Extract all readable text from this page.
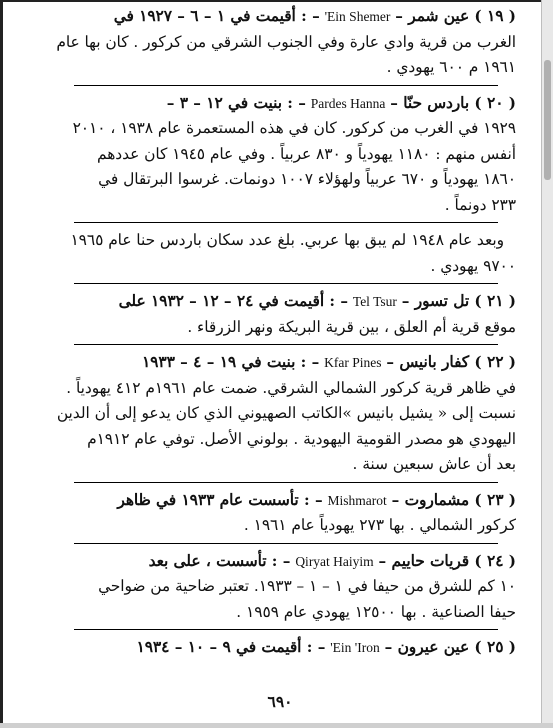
( ١٩ ) عين شمر – 'Ein Shemer – : أقيمت في ١ – ٦ – ١٩٢٧ في
الغرب من قرية وادي عارة وفي الجنوب الشرقي من كركور . كان بها عام
١٩٦١ م ٦٠٠ يهودي .
( ٢٠ ) باردس حنّا – Pardes Hanna – : بنيت في ١٢ – ٣ –
١٩٢٩ في الغرب من كركور. كان في هذه المستعمرة عام ١٩٣٨ ، ٢٠١٠
أنفس منهم : ١١٨٠ يهودياً و ٨٣٠ عربياً . وفي عام ١٩٤٥ كان عددهم
١٨٦٠ يهودياً و ٦٧٠ عربياً ولهؤلاء ١٠٠٧ دونمات. غرسوا البرتقال في
٢٣٣ دونماً .
وبعد عام ١٩٤٨ لم يبق بها عربي. بلغ عدد سكان باردس حنا عام ١٩٦٥
٩٧٠٠ يهودي .
( ٢١ ) تل تسور – Tel Tsur – : أقيمت في ٢٤ – ١٢ – ١٩٣٢ على
موقع قرية أم العلق ، بين قرية البريكة ونهر الزرقاء .
( ٢٢ ) كفار بانيس – Kfar Pines – : بنيت في ١٩ – ٤ – ١٩٣٣
في ظاهر قرية كركور الشمالي الشرقي. ضمت عام ١٩٦١م ٤١٢ يهودياً .
نسبت إلى « يشيل بانيس »الكاتب الصهيوني الذي كان يدعو إلى أن الدين
اليهودي هو مصدر القومية اليهودية . بولوني الأصل. توفي عام ١٩١٢م
بعد أن عاش سبعين سنة .
( ٢٣ ) مشماروت – Mishmarot – : تأسست عام ١٩٣٣ في ظاهر
كركور الشمالي . بها ٢٧٣ يهودياً عام ١٩٦١ .
( ٢٤ ) قريات حاييم – Qiryat Haiyim – : تأسست ، على بعد
١٠ كم للشرق من حيفا في ١ – ١ – ١٩٣٣. تعتبر ضاحية من ضواحي
حيفا الصناعية . بها ١٢٥٠٠ يهودي عام ١٩٥٩ .
( ٢٥ ) عين عيرون – 'Ein 'Iron – : أقيمت في ٩ – ١٠ – ١٩٣٤
٦٩٠
